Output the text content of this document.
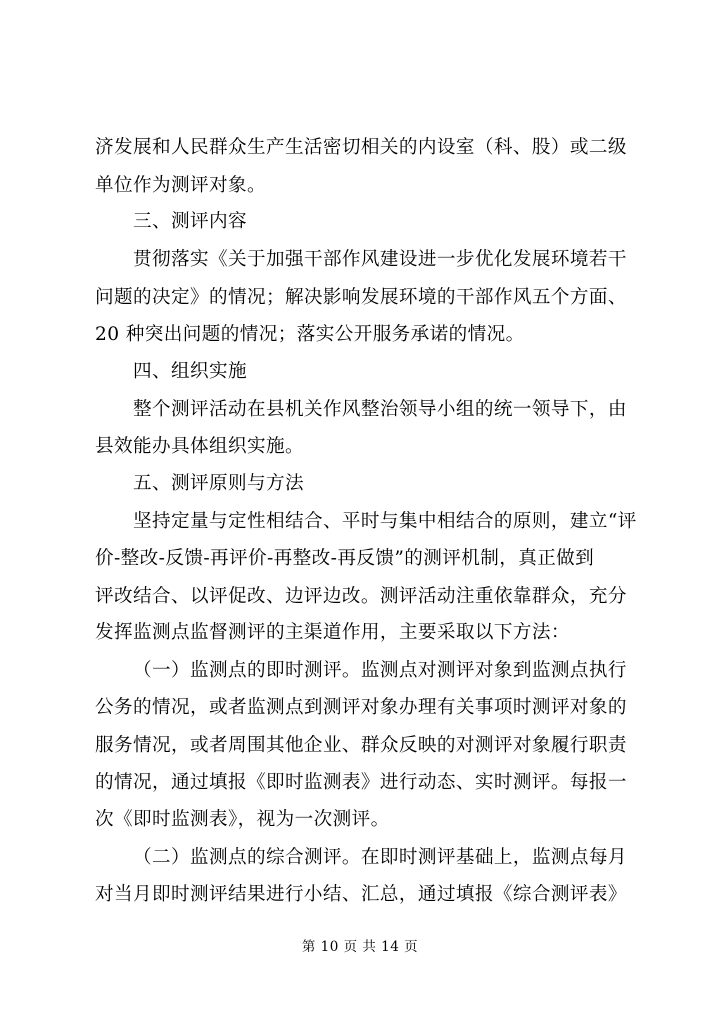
济发展和人民群众生产生活密切相关的内设室（科、股）或二级
单位作为测评对象。
三、测评内容
贯彻落实《关于加强干部作风建设进一步优化发展环境若干
问题的决定》的情况；解决影响发展环境的干部作风五个方面、
20 种突出问题的情况；落实公开服务承诺的情况。
四、组织实施
整个测评活动在县机关作风整治领导小组的统一领导下，由
县效能办具体组织实施。
五、测评原则与方法
坚持定量与定性相结合、平时与集中相结合的原则，建立“评
价-整改-反馈-再评价-再整改-再反馈”的测评机制，真正做到
评改结合、以评促改、边评边改。测评活动注重依靠群众，充分
发挥监测点监督测评的主渠道作用，主要采取以下方法：
（一）监测点的即时测评。监测点对测评对象到监测点执行
公务的情况，或者监测点到测评对象办理有关事项时测评对象的
服务情况，或者周围其他企业、群众反映的对测评对象履行职责
的情况，通过填报《即时监测表》进行动态、实时测评。每报一
次《即时监测表》，视为一次测评。
（二）监测点的综合测评。在即时测评基础上，监测点每月
对当月即时测评结果进行小结、汇总，通过填报《综合测评表》
第 10 页 共 14 页
